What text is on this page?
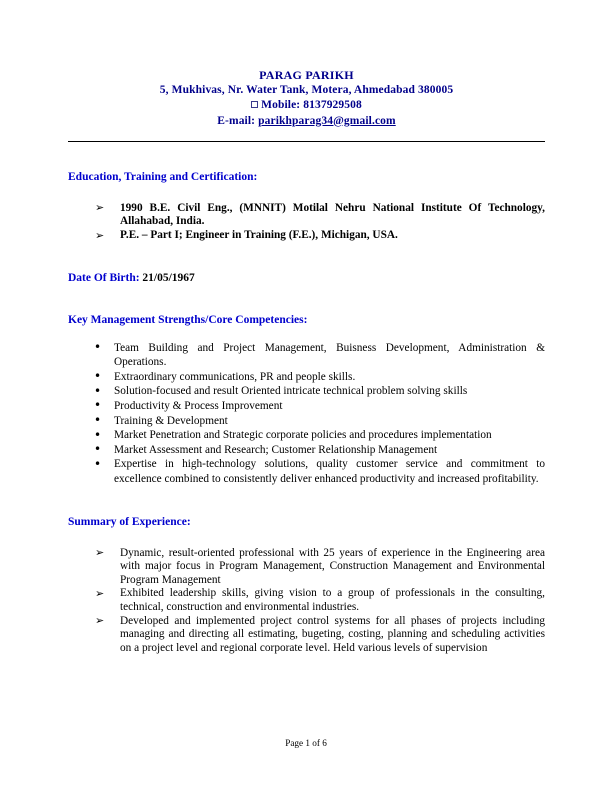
PARAG PARIKH
5, Mukhivas, Nr. Water Tank, Motera, Ahmedabad 380005
Mobile: 8137929508
E-mail: parikhparag34@gmail.com
Education, Training and Certification:
➢ 1990 B.E. Civil Eng., (MNNIT) Motilal Nehru National Institute Of Technology, Allahabad, India.
➢ P.E. – Part I; Engineer in Training (F.E.), Michigan, USA.
Date Of Birth: 21/05/1967
Key Management Strengths/Core Competencies:
• Team Building and Project Management, Buisness Development, Administration & Operations.
• Extraordinary communications, PR and people skills.
• Solution-focused and result Oriented intricate technical problem solving skills
• Productivity & Process Improvement
• Training & Development
• Market Penetration and Strategic corporate policies and procedures implementation
• Market Assessment and Research; Customer Relationship Management
• Expertise in high-technology solutions, quality customer service and commitment to excellence combined to consistently deliver enhanced productivity and increased profitability.
Summary of Experience:
➢ Dynamic, result-oriented professional with 25 years of experience in the Engineering area with major focus in Program Management, Construction Management and Environmental Program Management
➢ Exhibited leadership skills, giving vision to a group of professionals in the consulting, technical, construction and environmental industries.
➢ Developed and implemented project control systems for all phases of projects including managing and directing all estimating, bugeting, costing, planning and scheduling activities on a project level and regional corporate level. Held various levels of supervision
Page 1 of 6
